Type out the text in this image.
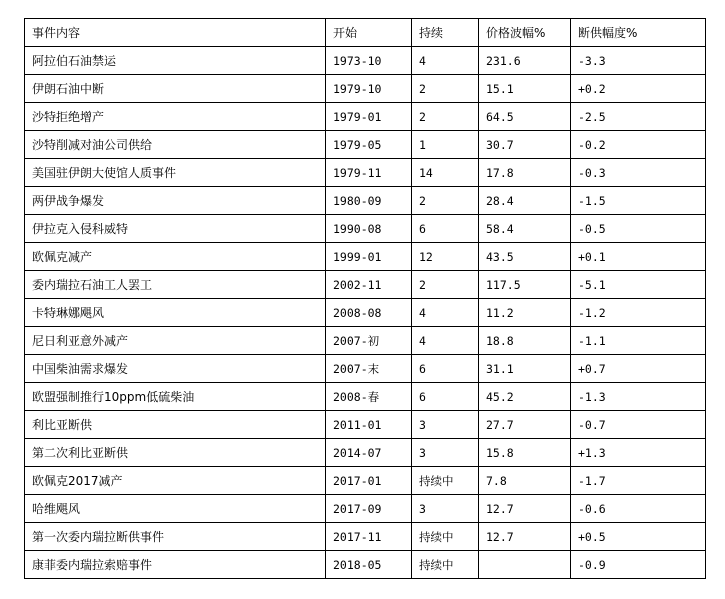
事件内容	开始	持续	价格波幅%	断供幅度%
阿拉伯石油禁运	1973-10	4	231.6	-3.3
伊朗石油中断	1979-10	2	15.1	+0.2
沙特拒绝增产	1979-01	2	64.5	-2.5
沙特削减对油公司供给	1979-05	1	30.7	-0.2
美国驻伊朗大使馆人质事件	1979-11	14	17.8	-0.3
两伊战争爆发	1980-09	2	28.4	-1.5
伊拉克入侵科威特	1990-08	6	58.4	-0.5
欧佩克减产	1999-01	12	43.5	+0.1
委内瑞拉石油工人罢工	2002-11	2	117.5	-5.1
卡特琳娜飓风	2008-08	4	11.2	-1.2
尼日利亚意外减产	2007-初	4	18.8	-1.1
中国柴油需求爆发	2007-末	6	31.1	+0.7
欧盟强制推行10ppm低硫柴油	2008-春	6	45.2	-1.3
利比亚断供	2011-01	3	27.7	-0.7
第二次利比亚断供	2014-07	3	15.8	+1.3
欧佩克2017减产	2017-01	持续中	7.8	-1.7
哈维飓风	2017-09	3	12.7	-0.6
第一次委内瑞拉断供事件	2017-11	持续中	12.7	+0.5
康菲委内瑞拉索赔事件	2018-05	持续中		-0.9
